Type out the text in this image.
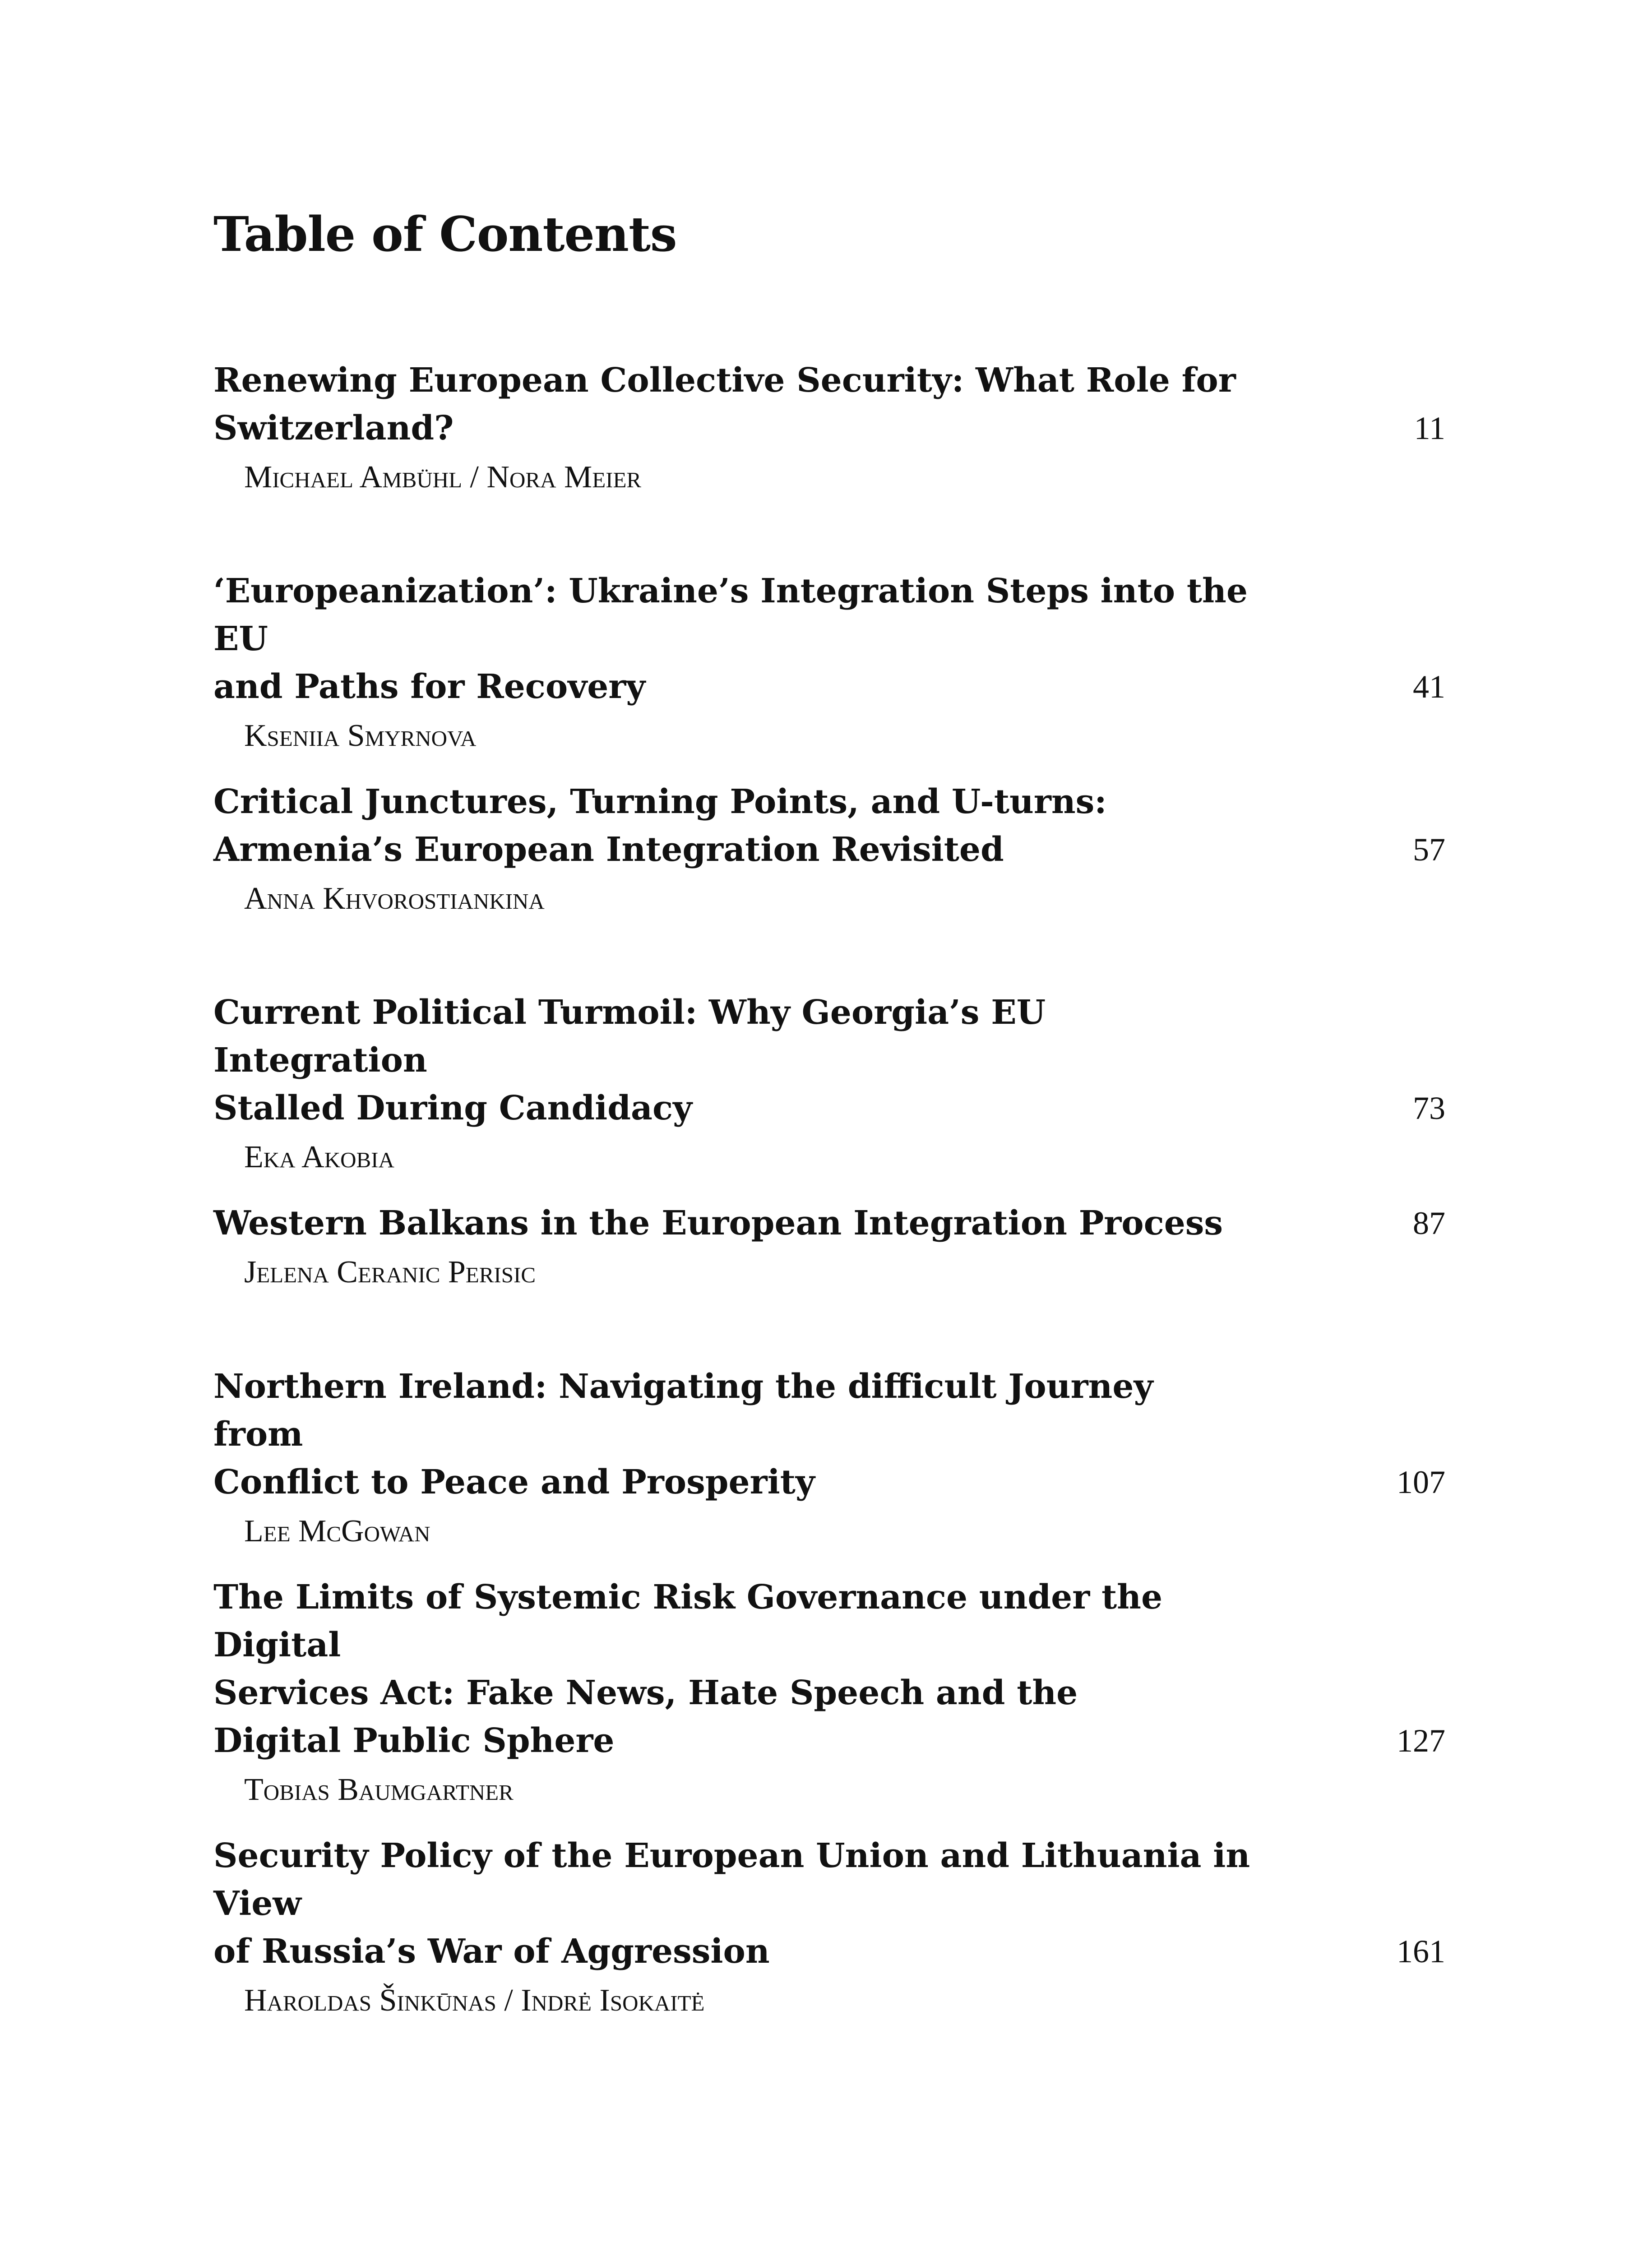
Table of Contents
Renewing European Collective Security: What Role for
Switzerland?	11
Michael Ambühl / Nora Meier
‘Europeanization’: Ukraine’s Integration Steps into the EU
and Paths for Recovery	41
Kseniia Smyrnova
Critical Junctures, Turning Points, and U-turns:
Armenia’s European Integration Revisited	57
Anna Khvorostiankina
Current Political Turmoil: Why Georgia’s EU Integration
Stalled During Candidacy	73
Eka Akobia
Western Balkans in the European Integration Process	87
Jelena Ceranic Perisic
Northern Ireland: Navigating the difficult Journey from
Conflict to Peace and Prosperity	107
Lee McGowan
The Limits of Systemic Risk Governance under the Digital
Services Act: Fake News, Hate Speech and the
Digital Public Sphere	127
Tobias Baumgartner
Security Policy of the European Union and Lithuania in View
of Russia’s War of Aggression	161
Haroldas Šinkūnas / Indrė Isokaitė
